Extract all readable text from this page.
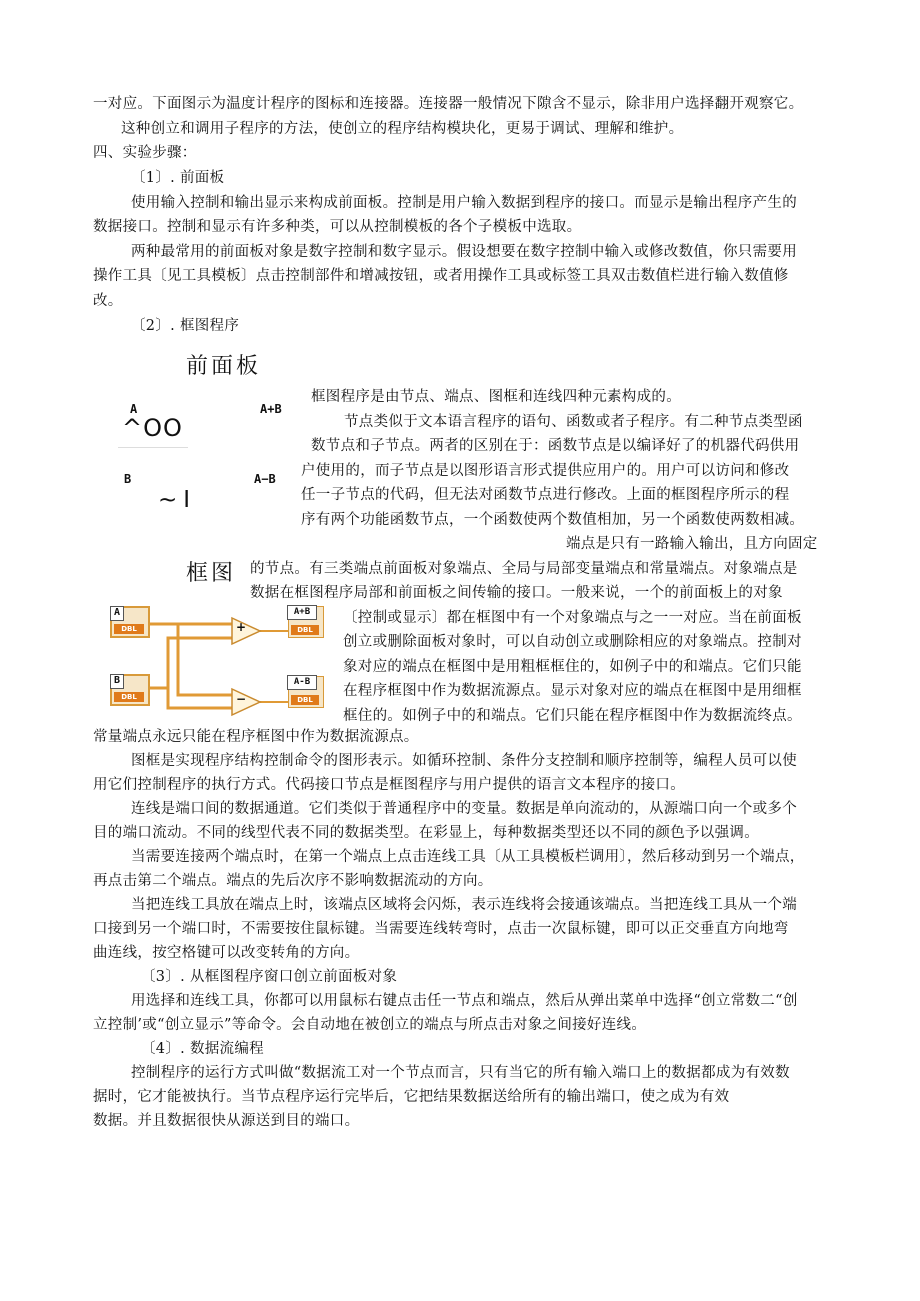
一对应。下面图示为温度计程序的图标和连接器。连接器一般情况下隙含不显示，除非用户选择翻开观察它。
这种创立和调用子程序的方法，使创立的程序结构模块化，更易于调试、理解和维护。
四、实验步骤：
〔1〕. 前面板
使用输入控制和输出显示来构成前面板。控制是用户输入数据到程序的接口。而显示是输出程序产生的
数据接口。控制和显示有许多种类，可以从控制模板的各个子模板中选取。
两种最常用的前面板对象是数字控制和数字显示。假设想要在数字控制中输入或修改数值，你只需要用
操作工具〔见工具模板〕点击控制部件和增减按钮，或者用操作工具或标签工具双击数值栏进行输入数值修
改。
〔2〕. 框图程序
前面板
A	A+B
^OO
B	A−B
~I
框图程序是由节点、端点、图框和连线四种元素构成的。
节点类似于文本语言程序的语句、函数或者子程序。有二种节点类型函
数节点和子节点。两者的区别在于：函数节点是以编译好了的机器代码供用
户使用的，而子节点是以图形语言形式提供应用户的。用户可以访问和修改
任一子节点的代码，但无法对函数节点进行修改。上面的框图程序所示的程
序有两个功能函数节点，一个函数使两个数值相加，另一个函数使两数相减。
端点是只有一路输入输出，且方向固定
框图 的节点。有三类端点前面板对象端点、全局与局部变量端点和常量端点。对象端点是
数据在框图程序局部和前面板之间传输的接口。一般来说，一个的前面板上的对象
+
−
A
DBL
B
DBL
A+B
DBL
A-B
DBL
〔控制或显示〕都在框图中有一个对象端点与之一一对应。当在前面板
创立或删除面板对象时，可以自动创立或删除相应的对象端点。控制对
象对应的端点在框图中是用粗框框住的，如例子中的和端点。它们只能
在程序框图中作为数据流源点。显示对象对应的端点在框图中是用细框
框住的。如例子中的和端点。它们只能在程序框图中作为数据流终点。
常量端点永远只能在程序框图中作为数据流源点。
图框是实现程序结构控制命令的图形表示。如循环控制、条件分支控制和顺序控制等，编程人员可以使
用它们控制程序的执行方式。代码接口节点是框图程序与用户提供的语言文本程序的接口。
连线是端口间的数据通道。它们类似于普通程序中的变量。数据是单向流动的，从源端口向一个或多个
目的端口流动。不同的线型代表不同的数据类型。在彩显上，每种数据类型还以不同的颜色予以强调。
当需要连接两个端点时，在第一个端点上点击连线工具〔从工具模板栏调用〕，然后移动到另一个端点，
再点击第二个端点。端点的先后次序不影响数据流动的方向。
当把连线工具放在端点上时，该端点区域将会闪烁，表示连线将会接通该端点。当把连线工具从一个端
口接到另一个端口时，不需要按住鼠标键。当需要连线转弯时，点击一次鼠标键，即可以正交垂直方向地弯
曲连线，按空格键可以改变转角的方向。
〔3〕. 从框图程序窗口创立前面板对象
用选择和连线工具，你都可以用鼠标右键点击任一节点和端点，然后从弹出菜单中选择“创立常数二“创
立控制’或“创立显示”等命令。会自动地在被创立的端点与所点击对象之间接好连线。
〔4〕. 数据流编程
控制程序的运行方式叫做“数据流工对一个节点而言，只有当它的所有输入端口上的数据都成为有效数
据时，它才能被执行。当节点程序运行完毕后，它把结果数据送给所有的输出端口，使之成为有效
数据。并且数据很快从源送到目的端口。
